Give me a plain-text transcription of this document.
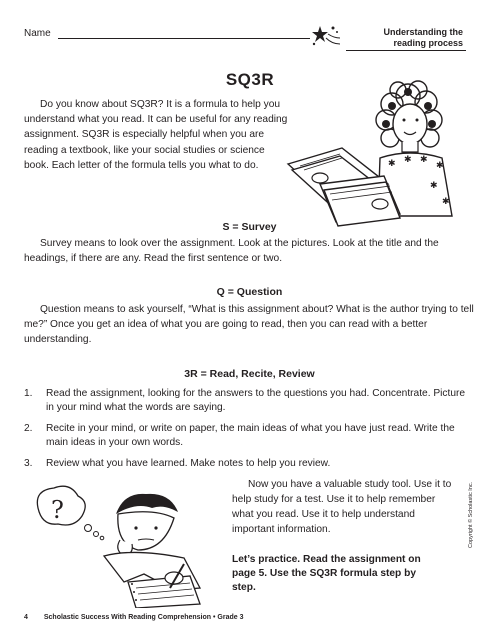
Name	Understanding the
reading process
SQ3R

Do you know about SQ3R? It is a formula to help you understand what you read. It can be useful for any reading assignment. SQ3R is especially helpful when you are reading a textbook, like your social studies or science book. Each letter of the formula tells you what to do.	✱ ✱ ✱
✱
✱
✱
S = Survey

Survey means to look over the assignment. Look at the pictures. Look at the title and the headings, if there are any. Read the first sentence or two.

Q = Question

Question means to ask yourself, “What is this assignment about? What is the author trying to tell me?” Once you get an idea of what you are going to read, then you can read with a better understanding.

3R = Read, Recite, Review
1. Read the assignment, looking for the answers to the questions you had. Concentrate. Picture in your mind what the words are saying.
2. Recite in your mind, or write on paper, the main ideas of what you have just read. Write the main ideas in your own words.
3. Review what you have learned. Make notes to help you review.
?

Now you have a valuable study tool. Use it to help study for a test. Use it to help remember what you read. Use it to help understand important information.

Let’s practice. Read the assignment on page 5. Use the SQ3R formula step by step.

Copyright © Scholastic Inc.
4 Scholastic Success With Reading Comprehension • Grade 3
